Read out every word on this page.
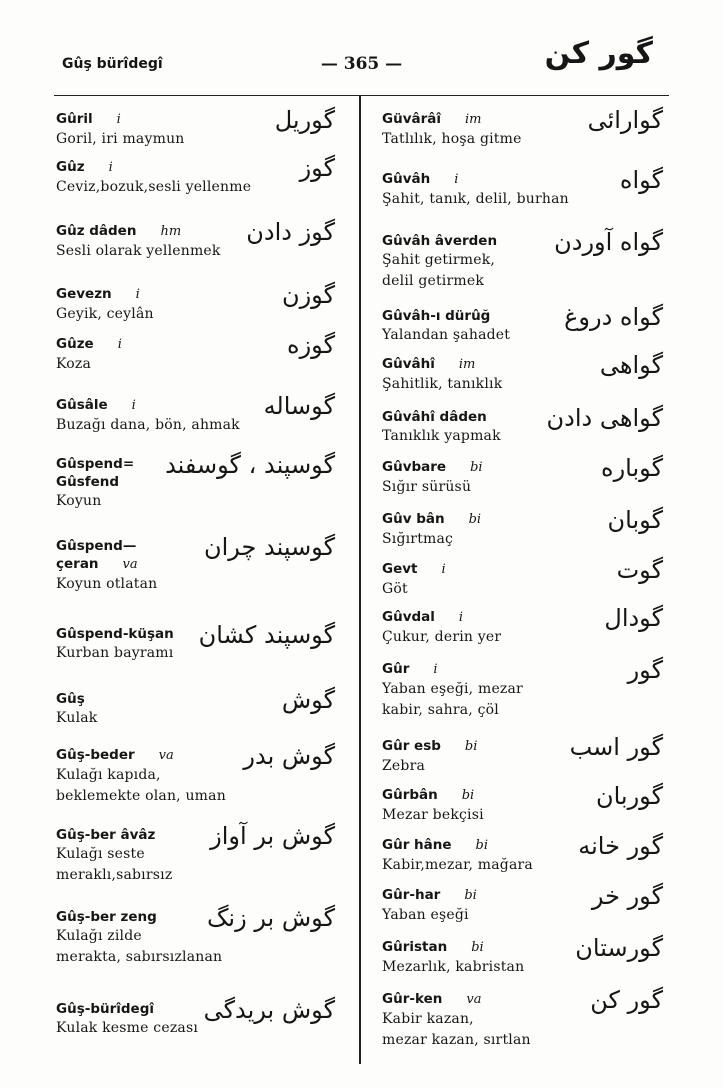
Gûş bürîdegî	— 365 —	گور كن
Gûril i
Goril, iri maymun
گوريل
Gûz i
Ceviz,bozuk,sesli yellenme
گوز
Gûz dâden hm
Sesli olarak yellenmek
گوز دادن
Gevezn i
Geyik, ceylân
گوزن
Gûze i
Koza
گوزه
Gûsâle i
Buzağı dana, bön, ahmak
گوساله
Gûspend=
Gûsfend
Koyun
گوسپند ، گوسفند
Gûspend—
çeran va
Koyun otlatan
گوسپند چران
Gûspend-küşan
Kurban bayramı
گوسپند كشان
Gûş
Kulak
گوش
Gûş-beder va
Kulağı kapıda,
beklemekte olan, uman
گوش بدر
Gûş-ber âvâz
Kulağı seste
meraklı,sabırsız
گوش بر آواز
Gûş-ber zeng
Kulağı zilde
merakta, sabırsızlanan
گوش بر زنگ
Gûş-bürîdegî
Kulak kesme cezası
گوش بريدگى
Güvârâî im
Tatlılık, hoşa gitme
گوارائى
Gûvâh i
Şahit, tanık, delil, burhan
گواه
Gûvâh âverden
Şahit getirmek,
delil getirmek
گواه آوردن
Gûvâh-ı dürûğ
Yalandan şahadet
گواه دروغ
Gûvâhî im
Şahitlik, tanıklık
گواهى
Gûvâhî dâden
Tanıklık yapmak
گواهى دادن
Gûvbare bi
Sığır sürüsü
گوباره
Gûv bân bi
Sığırtmaç
گوبان
Gevt i
Göt
گوت
Gûvdal i
Çukur, derin yer
گودال
Gûr i
Yaban eşeği, mezar
kabir, sahra, çöl
گور
Gûr esb bi
Zebra
گور اسب
Gûrbân bi
Mezar bekçisi
گوربان
Gûr hâne bi
Kabir,mezar, mağara
گور خانه
Gûr-har bi
Yaban eşeği
گور خر
Gûristan bi
Mezarlık, kabristan
گورستان
Gûr-ken va
Kabir kazan,
mezar kazan, sırtlan
گور كن
